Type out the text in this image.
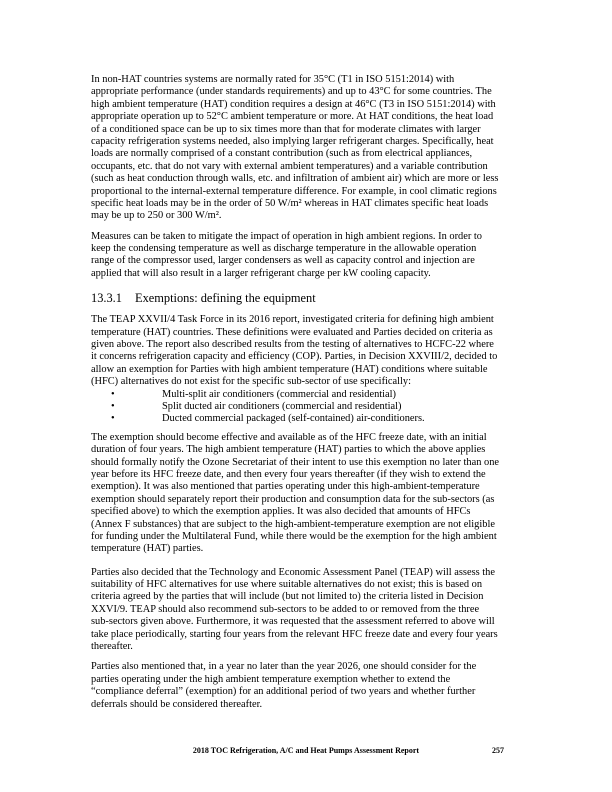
In non-HAT countries systems are normally rated for 35°C (T1 in ISO 5151:2014) with
appropriate performance (under standards requirements) and up to 43°C for some countries. The
high ambient temperature (HAT) condition requires a design at 46°C (T3 in ISO 5151:2014) with
appropriate operation up to 52°C ambient temperature or more. At HAT conditions, the heat load
of a conditioned space can be up to six times more than that for moderate climates with larger
capacity refrigeration systems needed, also implying larger refrigerant charges. Specifically, heat
loads are normally comprised of a constant contribution (such as from electrical appliances,
occupants, etc. that do not vary with external ambient temperatures) and a variable contribution
(such as heat conduction through walls, etc. and infiltration of ambient air) which are more or less
proportional to the internal-external temperature difference. For example, in cool climatic regions
specific heat loads may be in the order of 50 W/m² whereas in HAT climates specific heat loads
may be up to 250 or 300 W/m².
Measures can be taken to mitigate the impact of operation in high ambient regions. In order to
keep the condensing temperature as well as discharge temperature in the allowable operation
range of the compressor used, larger condensers as well as capacity control and injection are
applied that will also result in a larger refrigerant charge per kW cooling capacity.
13.3.1 Exemptions: defining the equipment
The TEAP XXVII/4 Task Force in its 2016 report, investigated criteria for defining high ambient
temperature (HAT) countries. These definitions were evaluated and Parties decided on criteria as
given above. The report also described results from the testing of alternatives to HCFC-22 where
it concerns refrigeration capacity and efficiency (COP). Parties, in Decision XXVIII/2, decided to
allow an exemption for Parties with high ambient temperature (HAT) conditions where suitable
(HFC) alternatives do not exist for the specific sub-sector of use specifically:
• Multi-split air conditioners (commercial and residential)
• Split ducted air conditioners (commercial and residential)
• Ducted commercial packaged (self-contained) air-conditioners.
The exemption should become effective and available as of the HFC freeze date, with an initial
duration of four years. The high ambient temperature (HAT) parties to which the above applies
should formally notify the Ozone Secretariat of their intent to use this exemption no later than one
year before its HFC freeze date, and then every four years thereafter (if they wish to extend the
exemption). It was also mentioned that parties operating under this high-ambient-temperature
exemption should separately report their production and consumption data for the sub-sectors (as
specified above) to which the exemption applies. It was also decided that amounts of HFCs
(Annex F substances) that are subject to the high-ambient-temperature exemption are not eligible
for funding under the Multilateral Fund, while there would be the exemption for the high ambient
temperature (HAT) parties.
Parties also decided that the Technology and Economic Assessment Panel (TEAP) will assess the
suitability of HFC alternatives for use where suitable alternatives do not exist; this is based on
criteria agreed by the parties that will include (but not limited to) the criteria listed in Decision
XXVI/9. TEAP should also recommend sub-sectors to be added to or removed from the three
sub-sectors given above. Furthermore, it was requested that the assessment referred to above will
take place periodically, starting four years from the relevant HFC freeze date and every four years
thereafter.
Parties also mentioned that, in a year no later than the year 2026, one should consider for the
parties operating under the high ambient temperature exemption whether to extend the
“compliance deferral” (exemption) for an additional period of two years and whether further
deferrals should be considered thereafter.
2018 TOC Refrigeration, A/C and Heat Pumps Assessment Report	257
